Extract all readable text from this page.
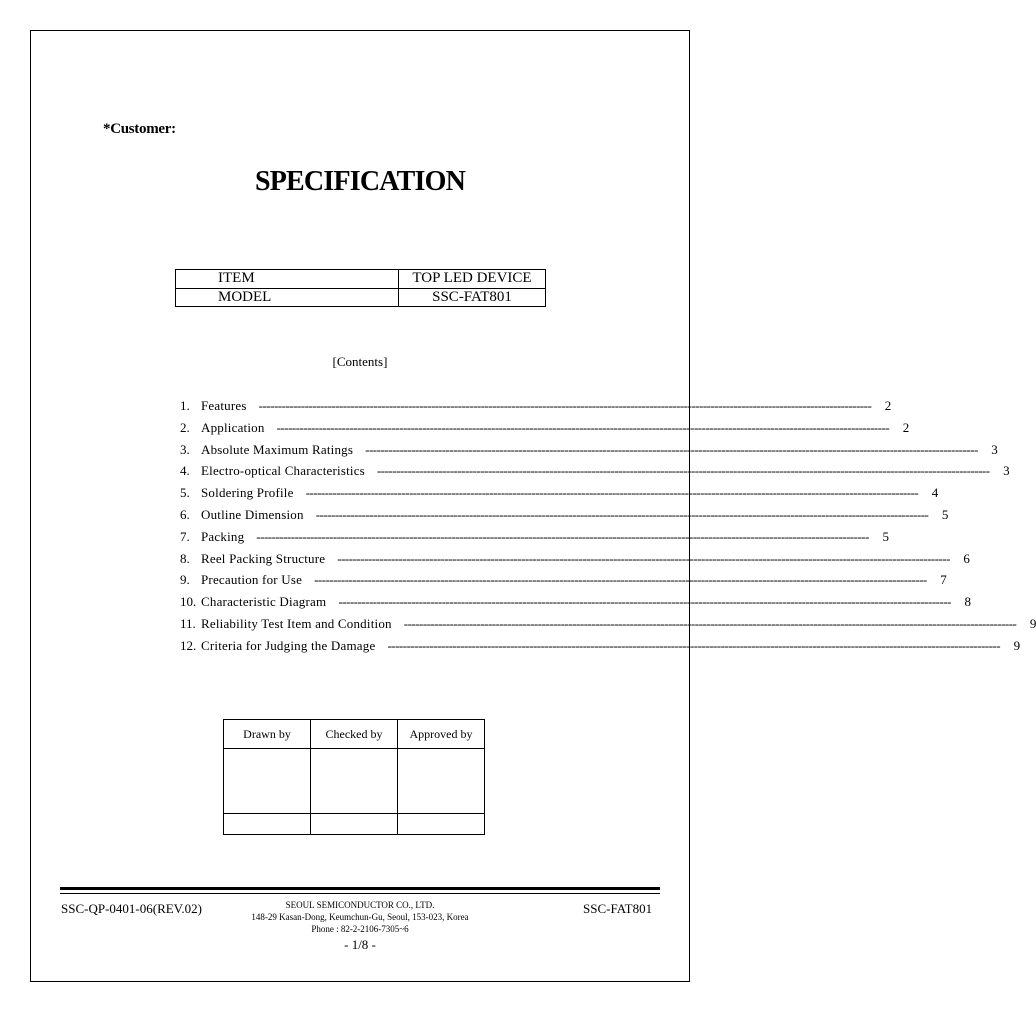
*Customer:
SPECIFICATION
ITEM	TOP LED DEVICE
MODEL	SSC-FAT801
[Contents]
1. Features ----------------------------------------------------------------------------------------------------------------------------------------------------------------	2
2. Application ----------------------------------------------------------------------------------------------------------------------------------------------------------------	2
3. Absolute Maximum Ratings ----------------------------------------------------------------------------------------------------------------------------------------------------------------	3
4. Electro-optical Characteristics ----------------------------------------------------------------------------------------------------------------------------------------------------------------	3
5. Soldering Profile ----------------------------------------------------------------------------------------------------------------------------------------------------------------	4
6. Outline Dimension ----------------------------------------------------------------------------------------------------------------------------------------------------------------	5
7. Packing ----------------------------------------------------------------------------------------------------------------------------------------------------------------	5
8. Reel Packing Structure ----------------------------------------------------------------------------------------------------------------------------------------------------------------	6
9. Precaution for Use ----------------------------------------------------------------------------------------------------------------------------------------------------------------	7
10. Characteristic Diagram ----------------------------------------------------------------------------------------------------------------------------------------------------------------	8
11. Reliability Test Item and Condition ----------------------------------------------------------------------------------------------------------------------------------------------------------------	9
12. Criteria for Judging the Damage ----------------------------------------------------------------------------------------------------------------------------------------------------------------	9
Drawn by	Checked by	Approved by

SSC-QP-0401-06(REV.02)	SEOUL SEMICONDUCTOR CO., LTD.
148-29 Kasan-Dong, Keumchun-Gu, Seoul, 153-023, Korea
Phone : 82-2-2106-7305~6
SSC-FAT801
- 1/8 -
